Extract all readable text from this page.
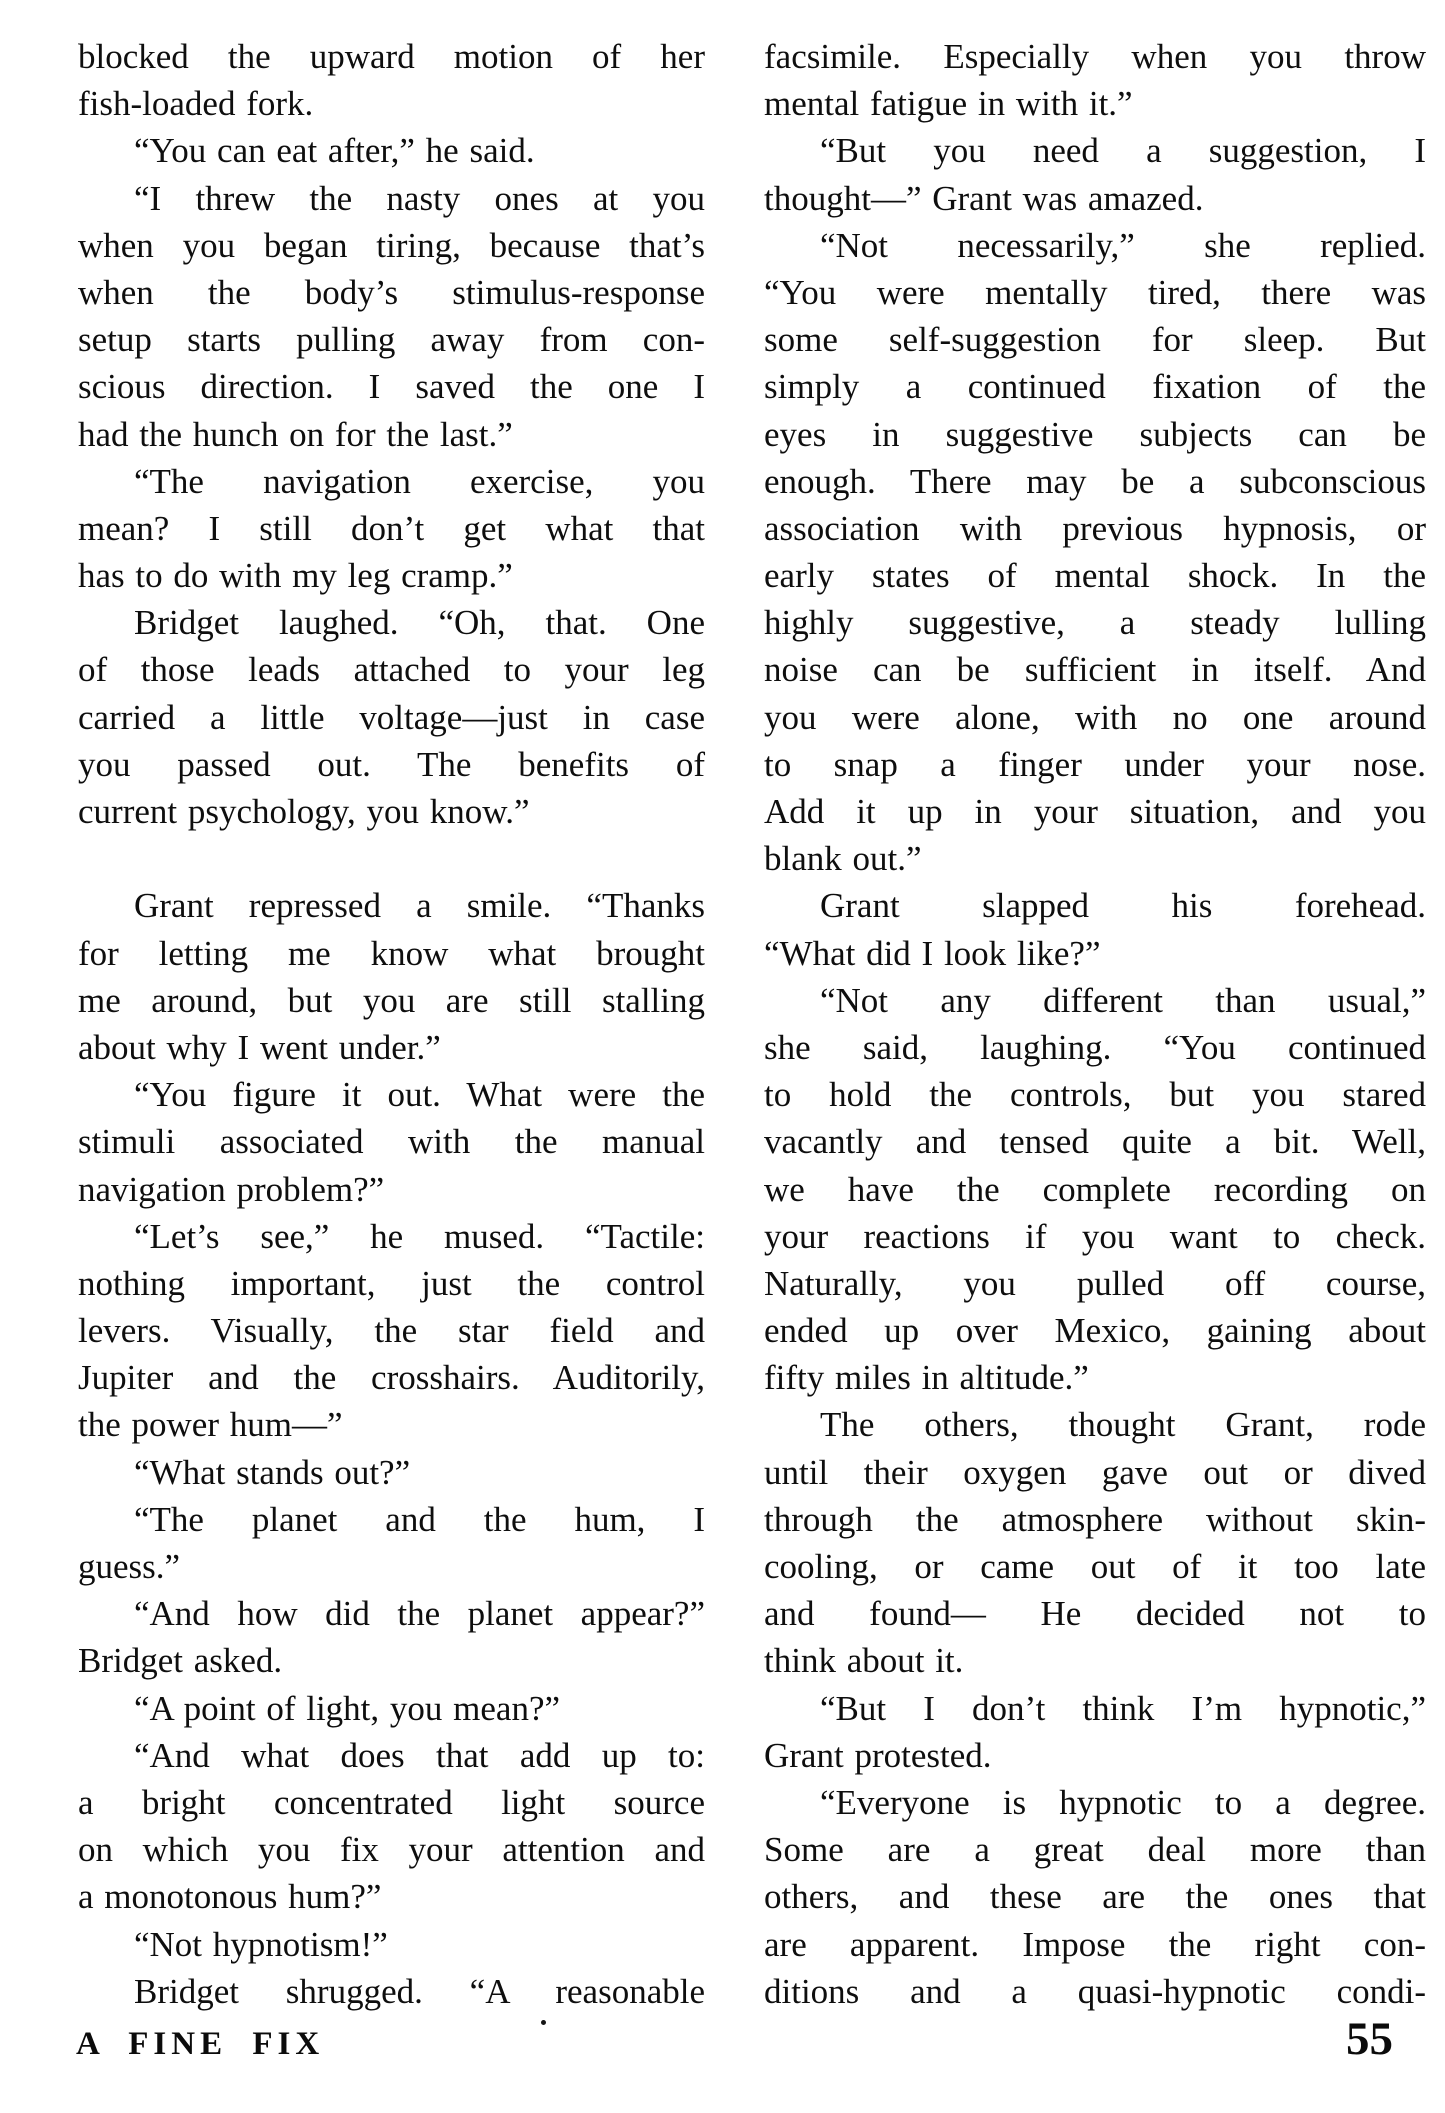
blocked the upward motion of her
fish-loaded fork.
“You can eat after,” he said.
“I threw the nasty ones at you
when you began tiring, because that’s
when the body’s stimulus-response
setup starts pulling away from con-
scious direction. I saved the one I
had the hunch on for the last.”
“The navigation exercise, you
mean? I still don’t get what that
has to do with my leg cramp.”
Bridget laughed. “Oh, that. One
of those leads attached to your leg
carried a little voltage—just in case
you passed out. The benefits of
current psychology, you know.”
Grant repressed a smile. “Thanks
for letting me know what brought
me around, but you are still stalling
about why I went under.”
“You figure it out. What were the
stimuli associated with the manual
navigation problem?”
“Let’s see,” he mused. “Tactile:
nothing important, just the control
levers. Visually, the star field and
Jupiter and the crosshairs. Auditorily,
the power hum—”
“What stands out?”
“The planet and the hum, I
guess.”
“And how did the planet appear?”
Bridget asked.
“A point of light, you mean?”
“And what does that add up to:
a bright concentrated light source
on which you fix your attention and
a monotonous hum?”
“Not hypnotism!”
Bridget shrugged. “A reasonable
facsimile. Especially when you throw
mental fatigue in with it.”
“But you need a suggestion, I
thought—” Grant was amazed.
“Not necessarily,” she replied.
“You were mentally tired, there was
some self-suggestion for sleep. But
simply a continued fixation of the
eyes in suggestive subjects can be
enough. There may be a subconscious
association with previous hypnosis, or
early states of mental shock. In the
highly suggestive, a steady lulling
noise can be sufficient in itself. And
you were alone, with no one around
to snap a finger under your nose.
Add it up in your situation, and you
blank out.”
Grant slapped his forehead.
“What did I look like?”
“Not any different than usual,”
she said, laughing. “You continued
to hold the controls, but you stared
vacantly and tensed quite a bit. Well,
we have the complete recording on
your reactions if you want to check.
Naturally, you pulled off course,
ended up over Mexico, gaining about
fifty miles in altitude.”
The others, thought Grant, rode
until their oxygen gave out or dived
through the atmosphere without skin-
cooling, or came out of it too late
and found— He decided not to
think about it.
“But I don’t think I’m hypnotic,”
Grant protested.
“Everyone is hypnotic to a degree.
Some are a great deal more than
others, and these are the ones that
are apparent. Impose the right con-
ditions and a quasi-hypnotic condi-
A FINE FIX	55
